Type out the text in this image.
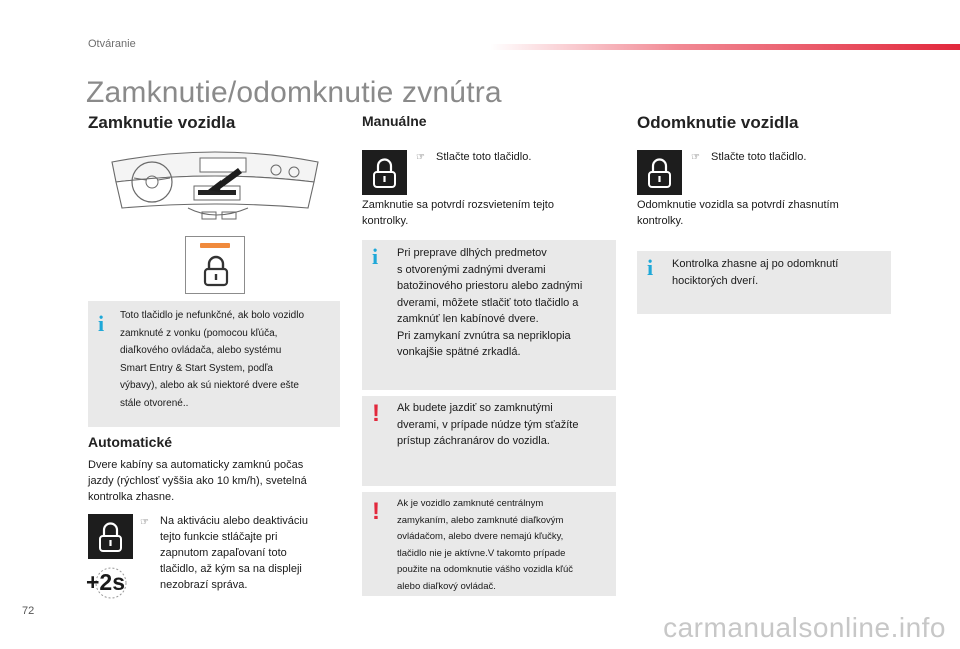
Otváranie
Zamknutie/odomknutie zvnútra
Zamknutie vozidla
i Toto tlačidlo je nefunkčné, ak bolo vozidlo
zamknuté z vonku (pomocou kľúča,
diaľkového ovládača, alebo systému
Smart Entry & Start System, podľa
výbavy), alebo ak sú niektoré dvere ešte
stále otvorené..
Automatické
Dvere kabíny sa automaticky zamknú počas
jazdy (rýchlosť vyššia ako 10 km/h), svetelná
kontrolka zhasne.
+2s
☞ Na aktiváciu alebo deaktiváciu
tejto funkcie stláčajte pri
zapnutom zapaľovaní toto
tlačidlo, až kým sa na displeji
nezobrazí správa.
Manuálne
☞ Stlačte toto tlačidlo.
Zamknutie sa potvrdí rozsvietením tejto
kontrolky.
i Pri preprave dlhých predmetov
s otvorenými zadnými dverami
batožinového priestoru alebo zadnými
dverami, môžete stlačiť toto tlačidlo a
zamknúť len kabínové dvere.
Pri zamykaní zvnútra sa nepriklopia
vonkajšie spätné zrkadlá.
! Ak budete jazdiť so zamknutými
dverami, v prípade núdze tým sťažíte
prístup záchranárov do vozidla.
! Ak je vozidlo zamknuté centrálnym
zamykaním, alebo zamknuté diaľkovým
ovládačom, alebo dvere nemajú kľučky,
tlačidlo nie je aktívne.V takomto prípade
použite na odomknutie vášho vozidla kľúč
alebo diaľkový ovládač.
Odomknutie vozidla
☞ Stlačte toto tlačidlo.
Odomknutie vozidla sa potvrdí zhasnutím
kontrolky.
i Kontrolka zhasne aj po odomknutí
hociktorých dverí.
72
carmanualsonline.info
